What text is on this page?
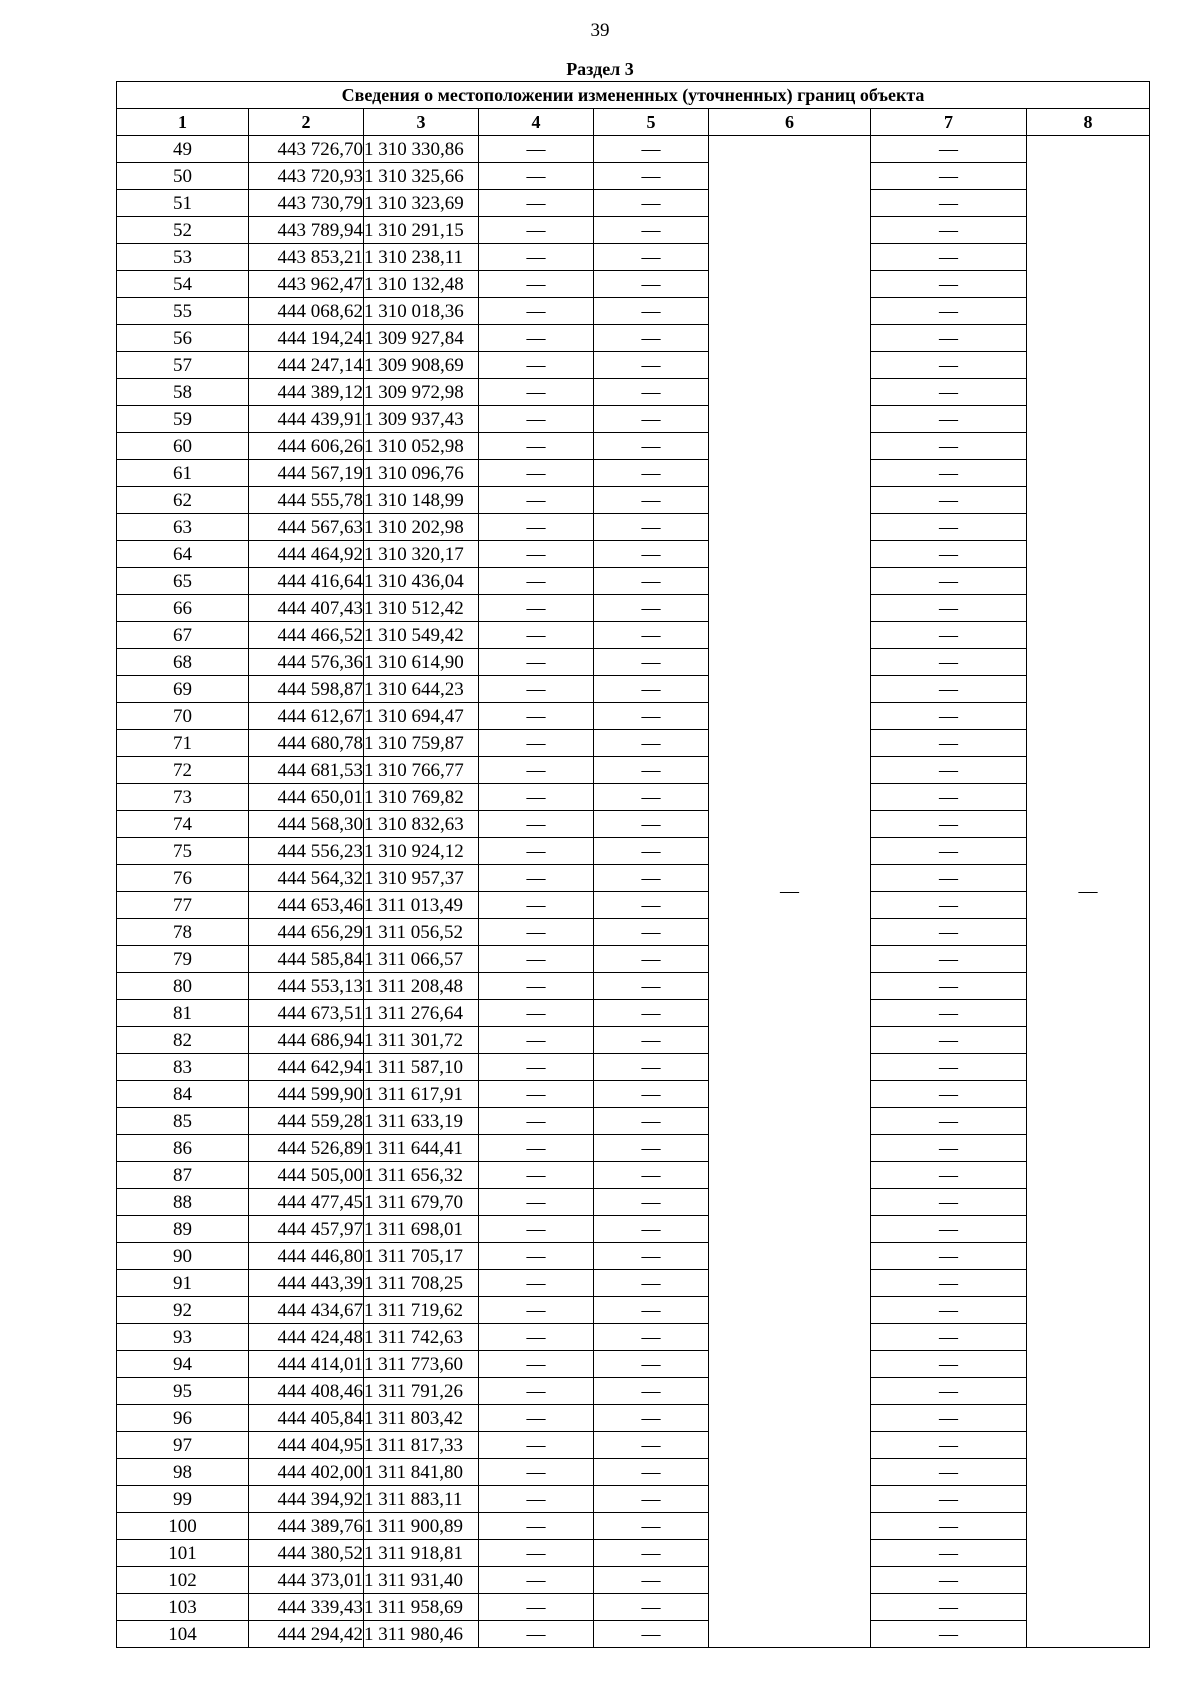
39
Раздел 3
Сведения о местоположении измененных (уточненных) границ объекта							
1	2	3	4	5	6	7	8
49	443 726,70	1 310 330,86	—	—	—	—	—
50	443 720,93	1 310 325,66	—	—		—	
51	443 730,79	1 310 323,69	—	—		—	
52	443 789,94	1 310 291,15	—	—		—	
53	443 853,21	1 310 238,11	—	—		—	
54	443 962,47	1 310 132,48	—	—		—	
55	444 068,62	1 310 018,36	—	—		—	
56	444 194,24	1 309 927,84	—	—		—	
57	444 247,14	1 309 908,69	—	—		—	
58	444 389,12	1 309 972,98	—	—		—	
59	444 439,91	1 309 937,43	—	—		—	
60	444 606,26	1 310 052,98	—	—		—	
61	444 567,19	1 310 096,76	—	—		—	
62	444 555,78	1 310 148,99	—	—		—	
63	444 567,63	1 310 202,98	—	—		—	
64	444 464,92	1 310 320,17	—	—		—	
65	444 416,64	1 310 436,04	—	—		—	
66	444 407,43	1 310 512,42	—	—		—	
67	444 466,52	1 310 549,42	—	—		—	
68	444 576,36	1 310 614,90	—	—		—	
69	444 598,87	1 310 644,23	—	—		—	
70	444 612,67	1 310 694,47	—	—		—	
71	444 680,78	1 310 759,87	—	—		—	
72	444 681,53	1 310 766,77	—	—		—	
73	444 650,01	1 310 769,82	—	—		—	
74	444 568,30	1 310 832,63	—	—		—	
75	444 556,23	1 310 924,12	—	—		—	
76	444 564,32	1 310 957,37	—	—		—	
77	444 653,46	1 311 013,49	—	—		—	
78	444 656,29	1 311 056,52	—	—		—	
79	444 585,84	1 311 066,57	—	—		—	
80	444 553,13	1 311 208,48	—	—		—	
81	444 673,51	1 311 276,64	—	—		—	
82	444 686,94	1 311 301,72	—	—		—	
83	444 642,94	1 311 587,10	—	—		—	
84	444 599,90	1 311 617,91	—	—		—	
85	444 559,28	1 311 633,19	—	—		—	
86	444 526,89	1 311 644,41	—	—		—	
87	444 505,00	1 311 656,32	—	—		—	
88	444 477,45	1 311 679,70	—	—		—	
89	444 457,97	1 311 698,01	—	—		—	
90	444 446,80	1 311 705,17	—	—		—	
91	444 443,39	1 311 708,25	—	—		—	
92	444 434,67	1 311 719,62	—	—		—	
93	444 424,48	1 311 742,63	—	—		—	
94	444 414,01	1 311 773,60	—	—		—	
95	444 408,46	1 311 791,26	—	—		—	
96	444 405,84	1 311 803,42	—	—		—	
97	444 404,95	1 311 817,33	—	—		—	
98	444 402,00	1 311 841,80	—	—		—	
99	444 394,92	1 311 883,11	—	—		—	
100	444 389,76	1 311 900,89	—	—		—	
101	444 380,52	1 311 918,81	—	—		—	
102	444 373,01	1 311 931,40	—	—		—	
103	444 339,43	1 311 958,69	—	—		—	
104	444 294,42	1 311 980,46	—	—		—	
